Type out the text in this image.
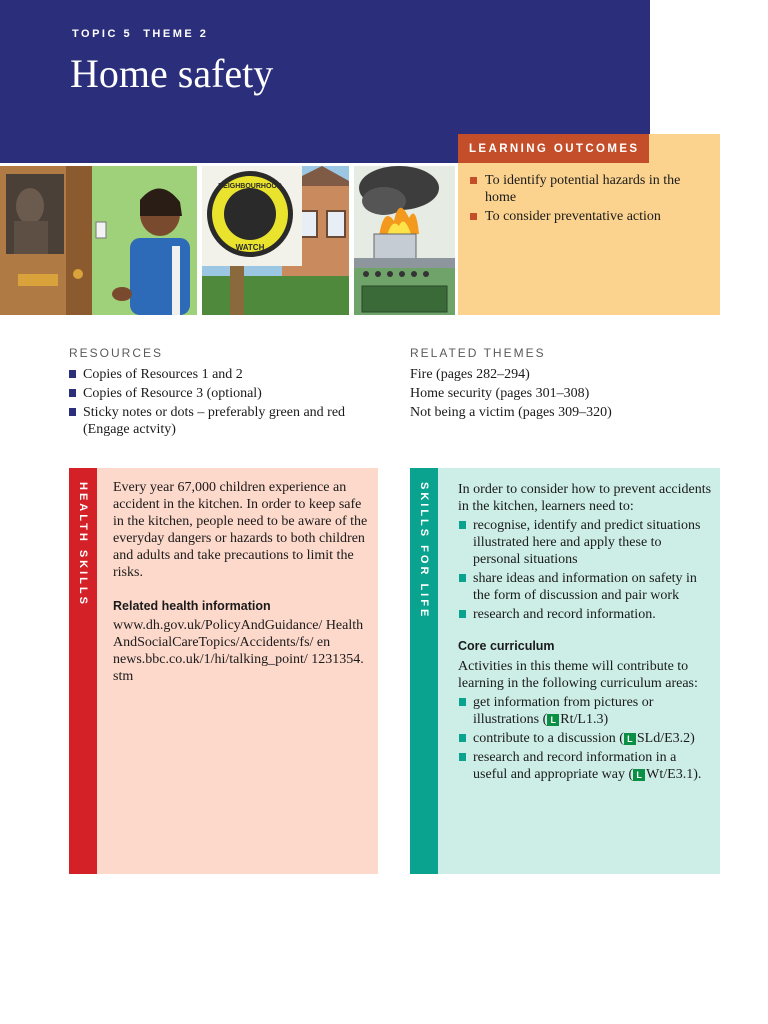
TOPIC 5  THEME 2
Home safety
NEIGHBOURHOOD
WATCH
LEARNING OUTCOMES
To identify potential hazards in the home
To consider preventative action
RESOURCES
Copies of Resources 1 and 2
Copies of Resource 3 (optional)
Sticky notes or dots – preferably green and red (Engage actvity)
RELATED THEMES
Fire (pages 282–294)
Home security (pages 301–308)
Not being a victim (pages 309–320)
HEALTH SKILLS Every year 67,000 children experience an accident in the kitchen. In order to keep safe in the kitchen, people need to be aware of the everyday dangers or hazards to both children and adults and take precautions to limit the risks.

Related health information

www.dh.gov.uk/PolicyAndGuidance/ HealthAndSocialCareTopics/Accidents/fs/ en

news.bbc.co.uk/1/hi/talking_point/ 1231354.stm

SKILLS FOR LIFE In order to consider how to prevent accidents in the kitchen, learners need to:

recognise, identify and predict situations illustrated here and apply these to personal situations
share ideas and information on safety in the form of discussion and pair work
research and record information.
Core curriculum

Activities in this theme will contribute to learning in the following curriculum areas:

get information from pictures or illustrations ( L Rt/L1.3)
contribute to a discussion ( L SLd/E3.2)
research and record information in a useful and appropriate way ( L Wt/E3.1).
